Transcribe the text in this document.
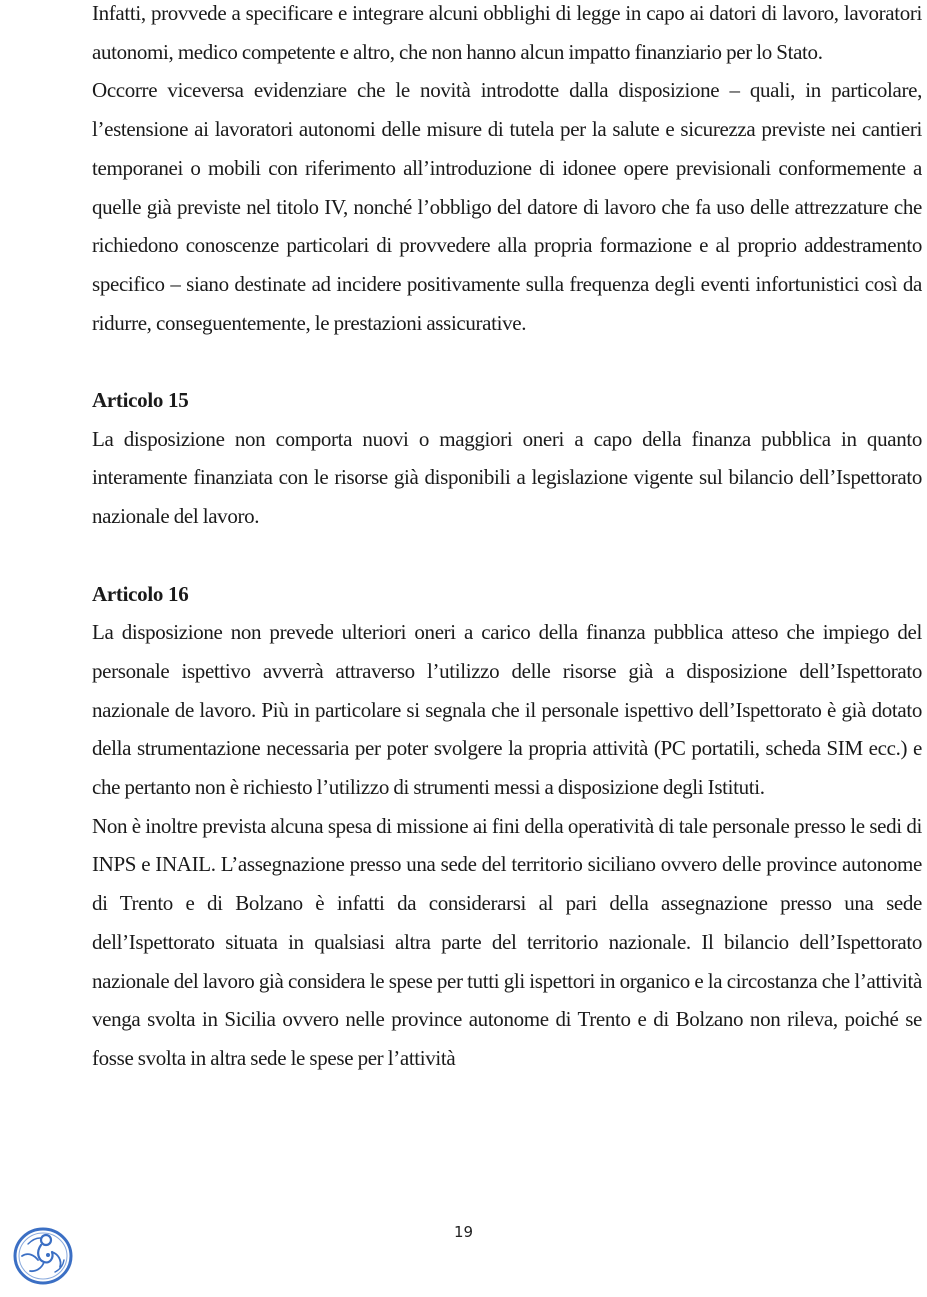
Infatti, provvede a specificare e integrare alcuni obblighi di legge in capo ai datori di lavoro, lavoratori autonomi, medico competente e altro, che non hanno alcun impatto finanziario per lo Stato.

Occorre viceversa evidenziare che le novità introdotte dalla disposizione – quali, in particolare, l’estensione ai lavoratori autonomi delle misure di tutela per la salute e sicurezza previste nei cantieri temporanei o mobili con riferimento all’introduzione di idonee opere previsionali conformemente a quelle già previste nel titolo IV, nonché l’obbligo del datore di lavoro che fa uso delle attrezzature che richiedono conoscenze particolari di provvedere alla propria formazione e al proprio addestramento specifico – siano destinate ad incidere positivamente sulla frequenza degli eventi infortunistici così da ridurre, conseguentemente, le prestazioni assicurative.

Articolo 15

La disposizione non comporta nuovi o maggiori oneri a capo della finanza pubblica in quanto interamente finanziata con le risorse già disponibili a legislazione vigente sul bilancio dell’Ispettorato nazionale del lavoro.

Articolo 16

La disposizione non prevede ulteriori oneri a carico della finanza pubblica atteso che impiego del personale ispettivo avverrà attraverso l’utilizzo delle risorse già a disposizione dell’Ispettorato nazionale de lavoro. Più in particolare si segnala che il personale ispettivo dell’Ispettorato è già dotato della strumentazione necessaria per poter svolgere la propria attività (PC portatili, scheda SIM ecc.) e che pertanto non è richiesto l’utilizzo di strumenti messi a disposizione degli Istituti.

Non è inoltre prevista alcuna spesa di missione ai fini della operatività di tale personale presso le sedi di INPS e INAIL. L’assegnazione presso una sede del territorio siciliano ovvero delle province autonome di Trento e di Bolzano è infatti da considerarsi al pari della assegnazione presso una sede dell’Ispettorato situata in qualsiasi altra parte del territorio nazionale. Il bilancio dell’Ispettorato nazionale del lavoro già considera le spese per tutti gli ispettori in organico e la circostanza che l’attività venga svolta in Sicilia ovvero nelle province autonome di Trento e di Bolzano non rileva, poiché se fosse svolta in altra sede le spese per l’attività

19
